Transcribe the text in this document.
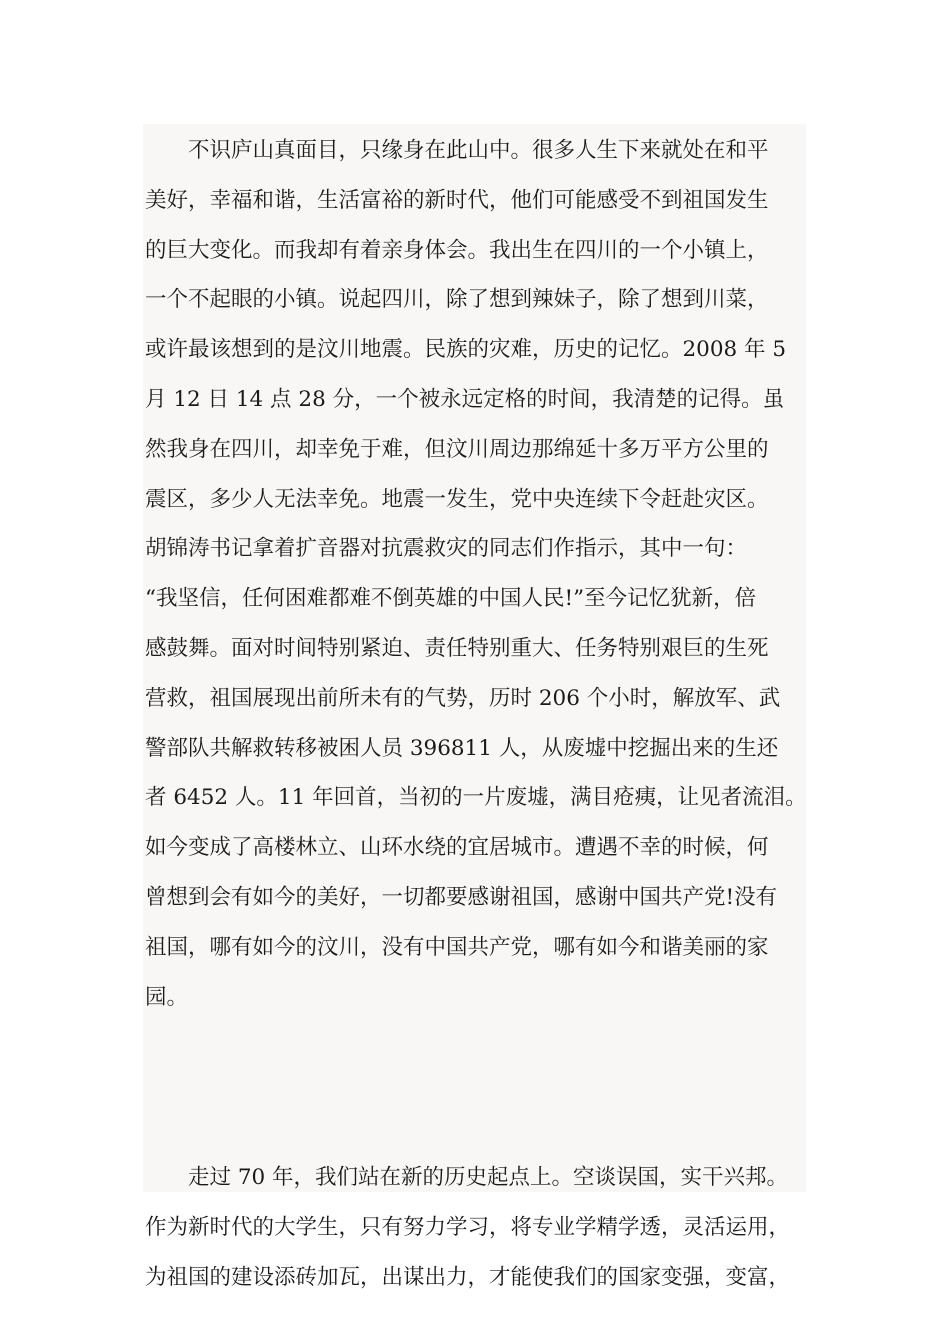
不识庐山真面目，只缘身在此山中。很多人生下来就处在和平
美好，幸福和谐，生活富裕的新时代，他们可能感受不到祖国发生
的巨大变化。而我却有着亲身体会。我出生在四川的一个小镇上，
一个不起眼的小镇。说起四川，除了想到辣妹子，除了想到川菜，
或许最该想到的是汶川地震。民族的灾难，历史的记忆。2008 年 5
月 12 日 14 点 28 分，一个被永远定格的时间，我清楚的记得。虽
然我身在四川，却幸免于难，但汶川周边那绵延十多万平方公里的
震区，多少人无法幸免。地震一发生，党中央连续下令赶赴灾区。
胡锦涛书记拿着扩音器对抗震救灾的同志们作指示，其中一句：
“我坚信，任何困难都难不倒英雄的中国人民!”至今记忆犹新，倍
感鼓舞。面对时间特别紧迫、责任特别重大、任务特别艰巨的生死
营救，祖国展现出前所未有的气势，历时 206 个小时，解放军、武
警部队共解救转移被困人员 396811 人，从废墟中挖掘出来的生还
者 6452 人。11 年回首，当初的一片废墟，满目疮痍，让见者流泪。
如今变成了高楼林立、山环水绕的宜居城市。遭遇不幸的时候，何
曾想到会有如今的美好，一切都要感谢祖国，感谢中国共产党!没有
祖国，哪有如今的汶川，没有中国共产党，哪有如今和谐美丽的家
园。
走过 70 年，我们站在新的历史起点上。空谈误国，实干兴邦。
作为新时代的大学生，只有努力学习，将专业学精学透，灵活运用，
为祖国的建设添砖加瓦，出谋出力，才能使我们的国家变强，变富，
